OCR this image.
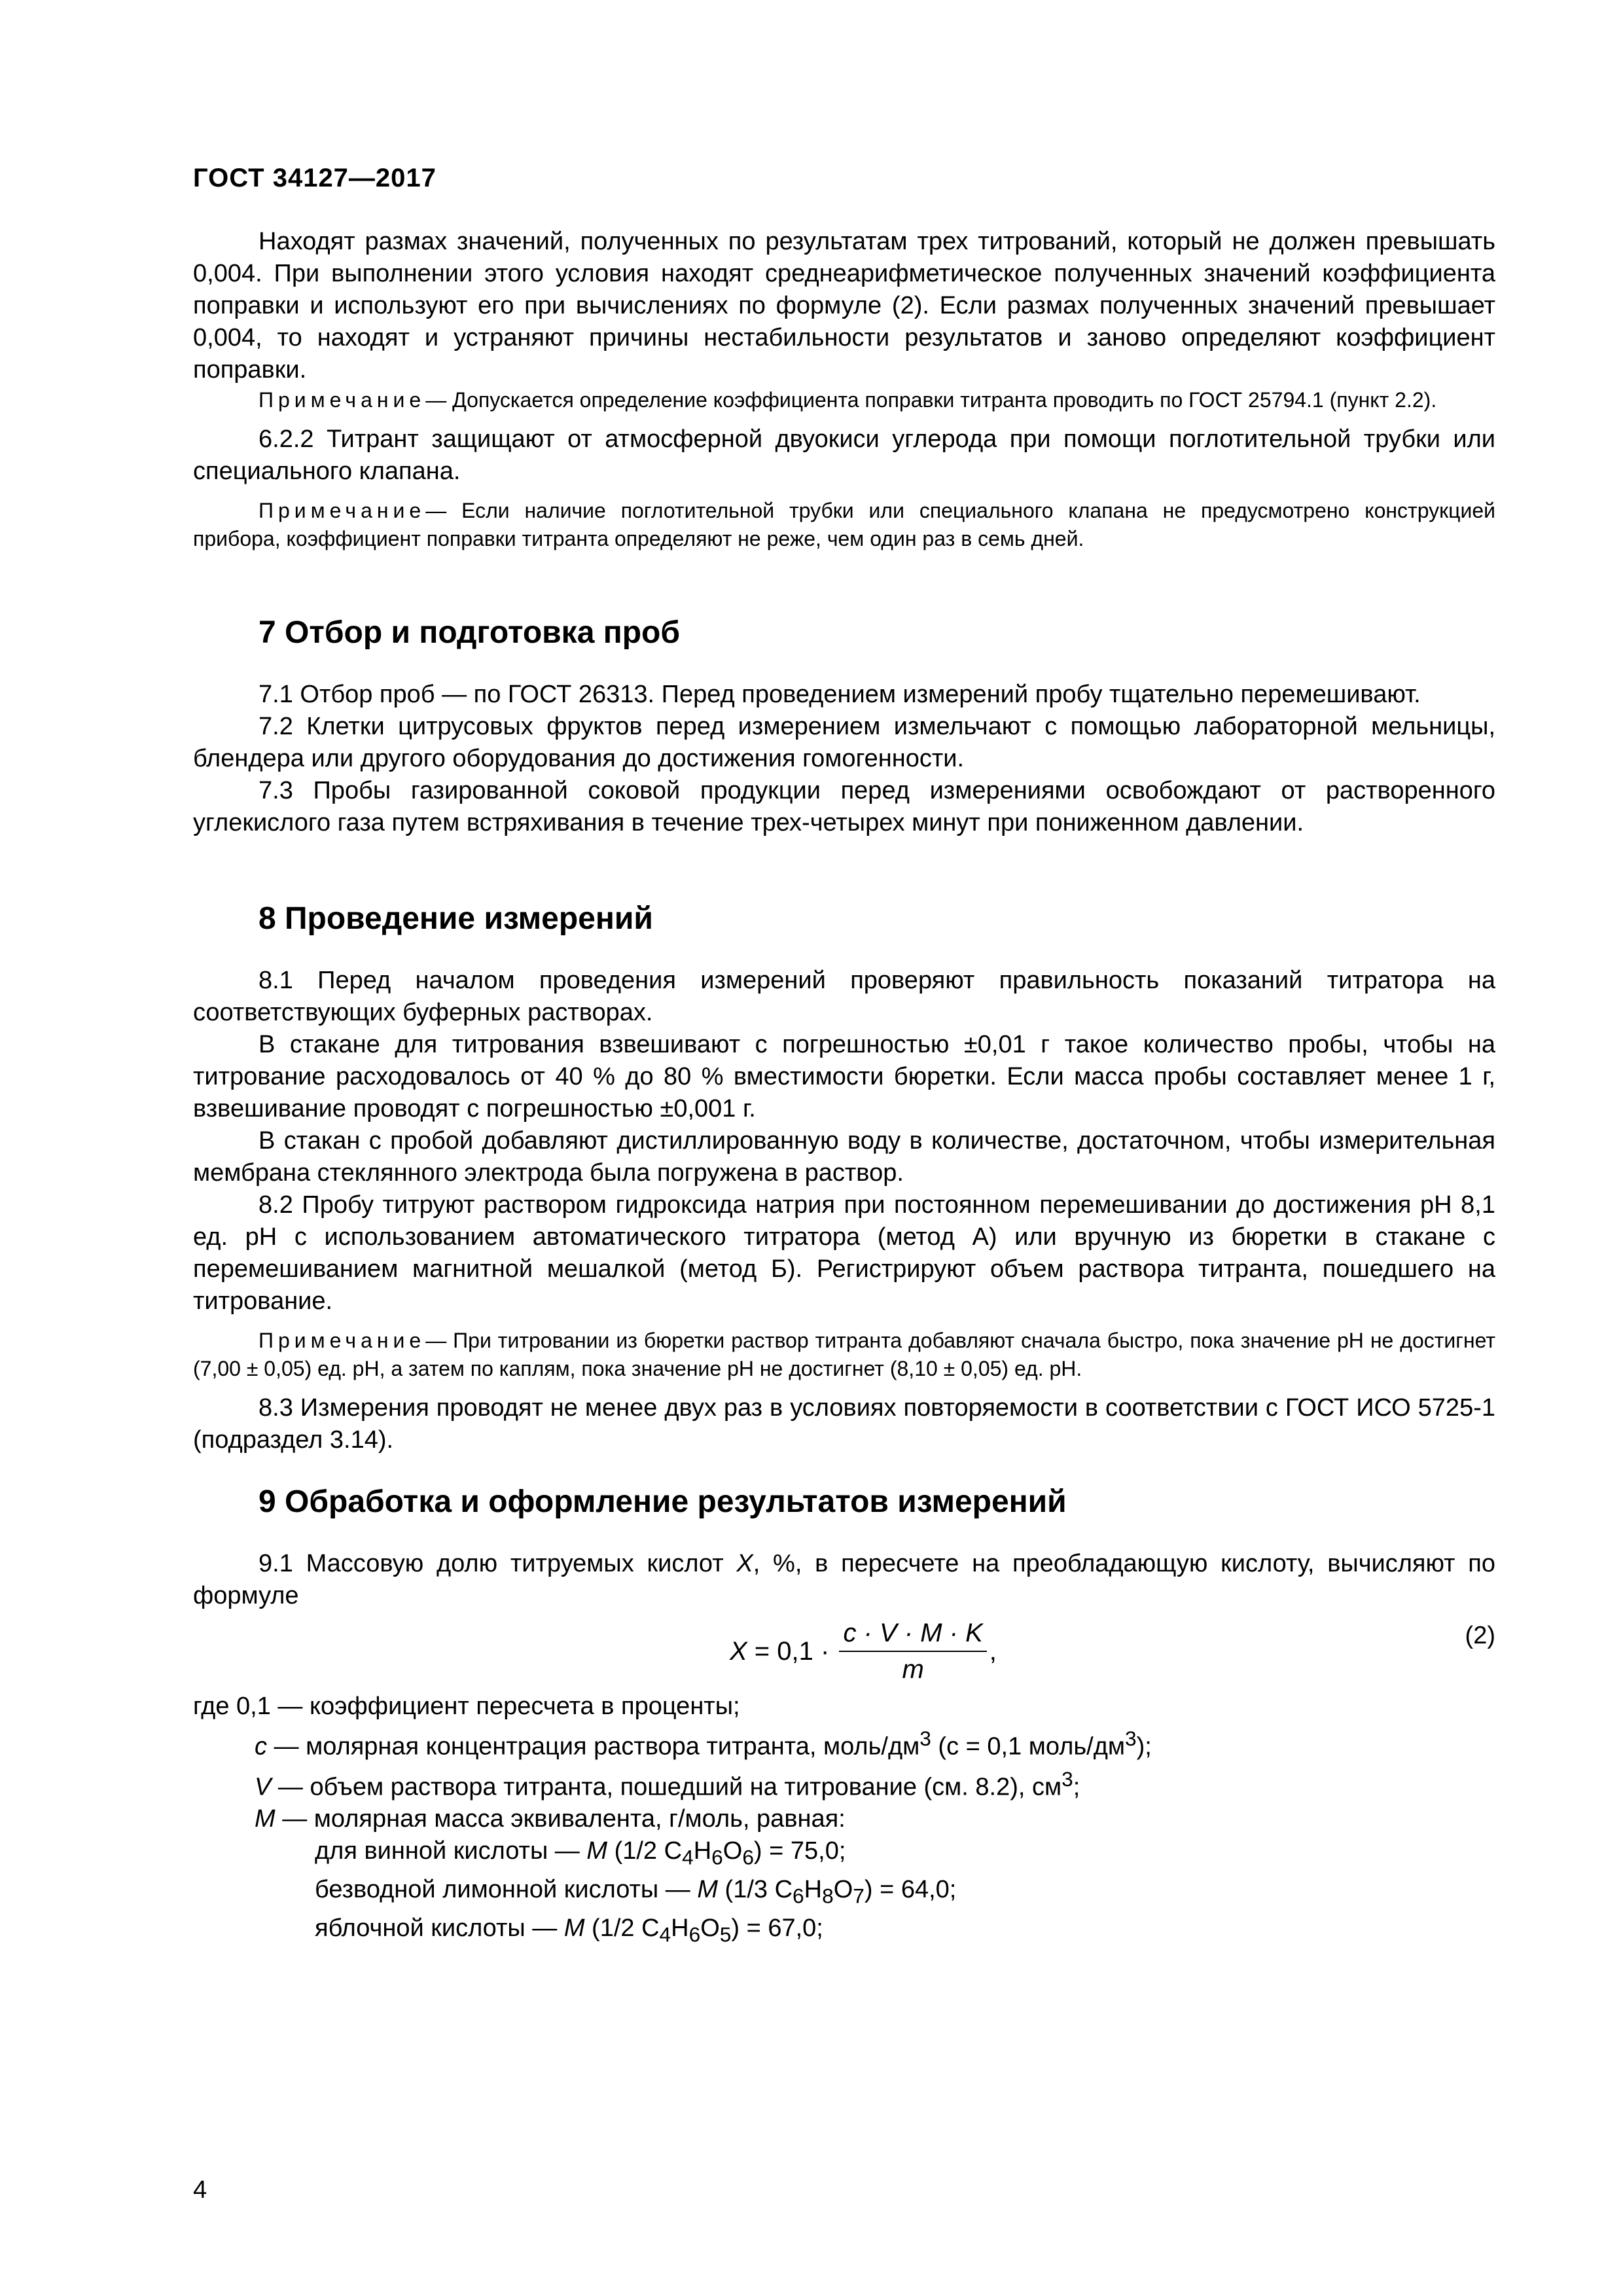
ГОСТ 34127—2017

Находят размах значений, полученных по результатам трех титрований, который не должен превышать 0,004. При выполнении этого условия находят среднеарифметическое полученных значений коэффициента поправки и используют его при вычислениях по формуле (2). Если размах полученных значений превышает 0,004, то находят и устраняют причины нестабильности результатов и заново определяют коэффициент поправки.

Примечание— Допускается определение коэффициента поправки титранта проводить по ГОСТ 25794.1 (пункт 2.2).

6.2.2 Титрант защищают от атмосферной двуокиси углерода при помощи поглотительной трубки или специального клапана.

Примечание— Если наличие поглотительной трубки или специального клапана не предусмотрено конструкцией прибора, коэффициент поправки титранта определяют не реже, чем один раз в семь дней.

7 Отбор и подготовка проб

7.1 Отбор проб — по ГОСТ 26313. Перед проведением измерений пробу тщательно перемешивают.

7.2 Клетки цитрусовых фруктов перед измерением измельчают с помощью лабораторной мельницы, блендера или другого оборудования до достижения гомогенности.

7.3 Пробы газированной соковой продукции перед измерениями освобождают от растворенного углекислого газа путем встряхивания в течение трех-четырех минут при пониженном давлении.

8 Проведение измерений

8.1 Перед началом проведения измерений проверяют правильность показаний титратора на соответствующих буферных растворах.

В стакане для титрования взвешивают с погрешностью ±0,01 г такое количество пробы, чтобы на титрование расходовалось от 40 % до 80 % вместимости бюретки. Если масса пробы составляет менее 1 г, взвешивание проводят с погрешностью ±0,001 г.

В стакан с пробой добавляют дистиллированную воду в количестве, достаточном, чтобы измерительная мембрана стеклянного электрода была погружена в раствор.

8.2 Пробу титруют раствором гидроксида натрия при постоянном перемешивании до достижения pH 8,1 ед. pH с использованием автоматического титратора (метод А) или вручную из бюретки в стакане с перемешиванием магнитной мешалкой (метод Б). Регистрируют объем раствора титранта, пошедшего на титрование.

Примечание— При титровании из бюретки раствор титранта добавляют сначала быстро, пока значение pH не достигнет (7,00 ± 0,05) ед. pH, а затем по каплям, пока значение pH не достигнет (8,10 ± 0,05) ед. pH.

8.3 Измерения проводят не менее двух раз в условиях повторяемости в соответствии с ГОСТ ИСО 5725-1 (подраздел 3.14).

9 Обработка и оформление результатов измерений

9.1 Массовую долю титруемых кислот X, %, в пересчете на преобладающую кислоту, вычисляют по формуле

$X = 0,1 \cdot \frac{c \cdot V \cdot M \cdot K}{m}$ ,
(2)

где 0,1 — коэффициент пересчета в проценты;

c — молярная концентрация раствора титранта, моль/$дм^3$ (c = 0,1 моль/$дм^3$);

V — объем раствора титранта, пошедший на титрование (см. 8.2), $см^3$;

M — молярная масса эквивалента, г/моль, равная:

для винной кислоты — M (1/2 $C_4H_6O_6) = 75,0$;

безводной лимонной кислоты — M (1/3 $C_6H_8O_7) = 64,0$;

яблочной кислоты — M (1/2 $C_4H_6O_5) = 67,0$;

4
